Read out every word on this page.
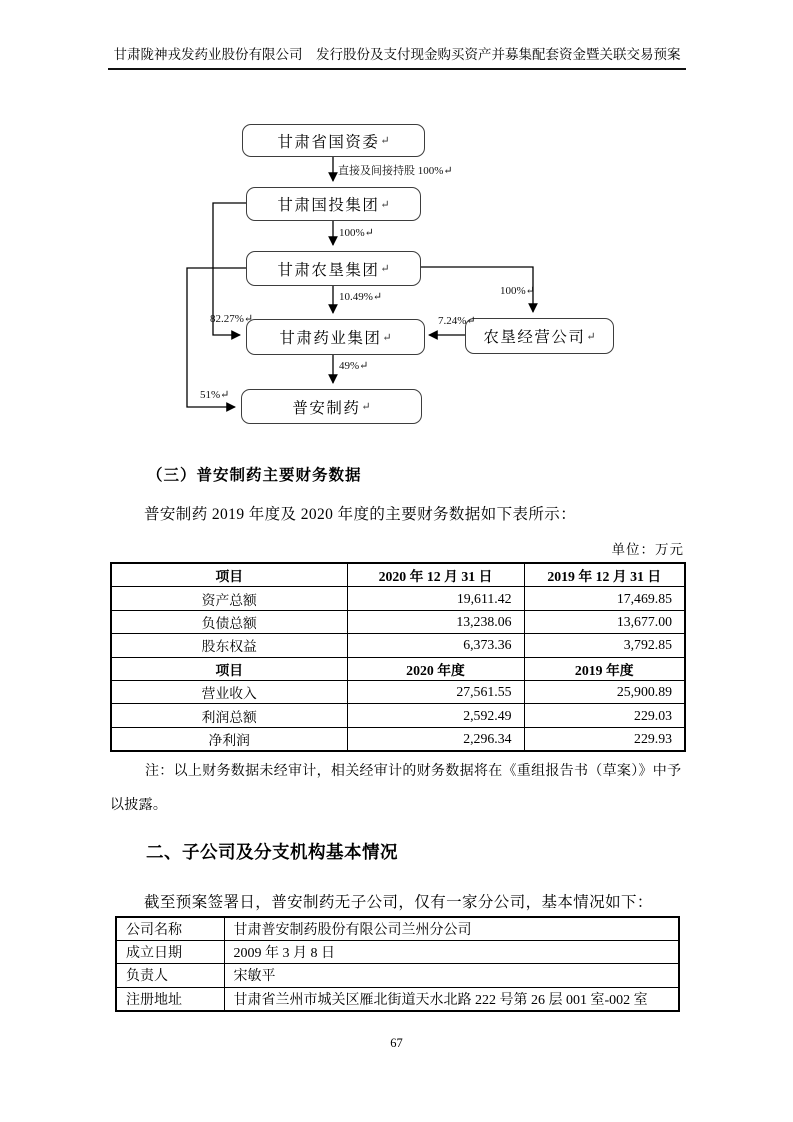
甘肃陇神戎发药业股份有限公司　发行股份及支付现金购买资产并募集配套资金暨关联交易预案
甘肃省国资委 ↵
甘肃国投集团 ↵
甘肃农垦集团 ↵
甘肃药业集团 ↵	农垦经营公司 ↵
普安制药 ↵
直接及间接持股 100%↵
100%↵
10.49%↵
49%↵
82.27%↵
51%↵
100%↵
7.24%↵
（三）普安制药主要财务数据
普安制药 2019 年度及 2020 年度的主要财务数据如下表所示：
单位：万元
项目	2020 年 12 月 31 日	2019 年 12 月 31 日
资产总额	19,611.42	17,469.85
负债总额	13,238.06	13,677.00
股东权益	6,373.36	3,792.85
项目	2020 年度	2019 年度
营业收入	27,561.55	25,900.89
利润总额	2,592.49	229.03
净利润	2,296.34	229.93
注：以上财务数据未经审计，相关经审计的财务数据将在《重组报告书（草案）》中予
以披露。
二、子公司及分支机构基本情况
截至预案签署日，普安制药无子公司，仅有一家分公司，基本情况如下：
公司名称	甘肃普安制药股份有限公司兰州分公司
成立日期	2009 年 3 月 8 日
负责人	宋敏平
注册地址	甘肃省兰州市城关区雁北街道天水北路 222 号第 26 层 001 室-002 室
67
